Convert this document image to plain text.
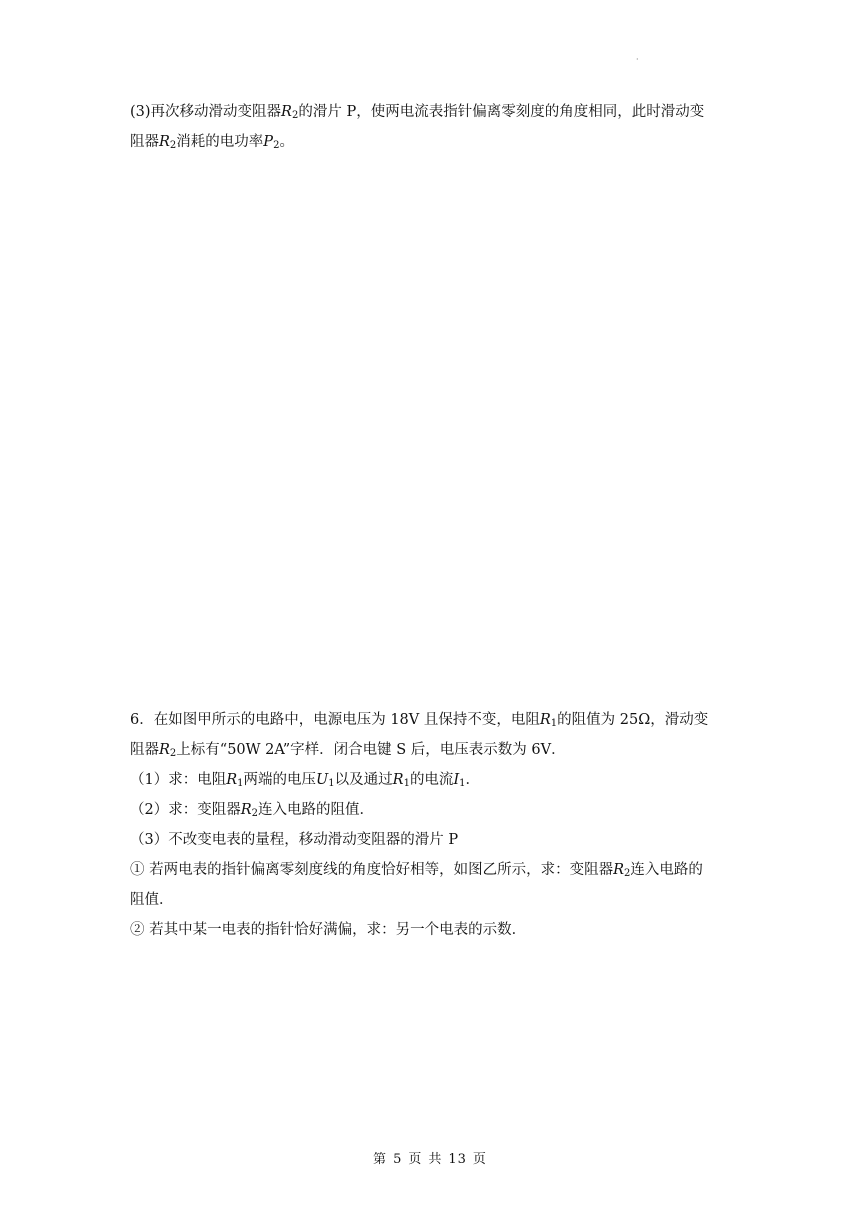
·
(3)再次移动滑动变阻器$R_2$的滑片 P，使两电流表指针偏离零刻度的角度相同，此时滑动变
阻器$R_2$消耗的电功率$P_2$。
6．在如图甲所示的电路中，电源电压为 18V 且保持不变，电阻$R_1$的阻值为 25Ω，滑动变
阻器$R_2$上标有“50W 2A”字样．闭合电键 S 后，电压表示数为 6V．
（1）求：电阻$R_1$两端的电压$U_1$以及通过$R_1$的电流$I_1$．
（2）求：变阻器$R_2$连入电路的阻值．
（3）不改变电表的量程，移动滑动变阻器的滑片 P
① 若两电表的指针偏离零刻度线的角度恰好相等，如图乙所示，求：变阻器$R_2$连入电路的
阻值．
② 若其中某一电表的指针恰好满偏，求：另一个电表的示数．
第 5 页 共 13 页
